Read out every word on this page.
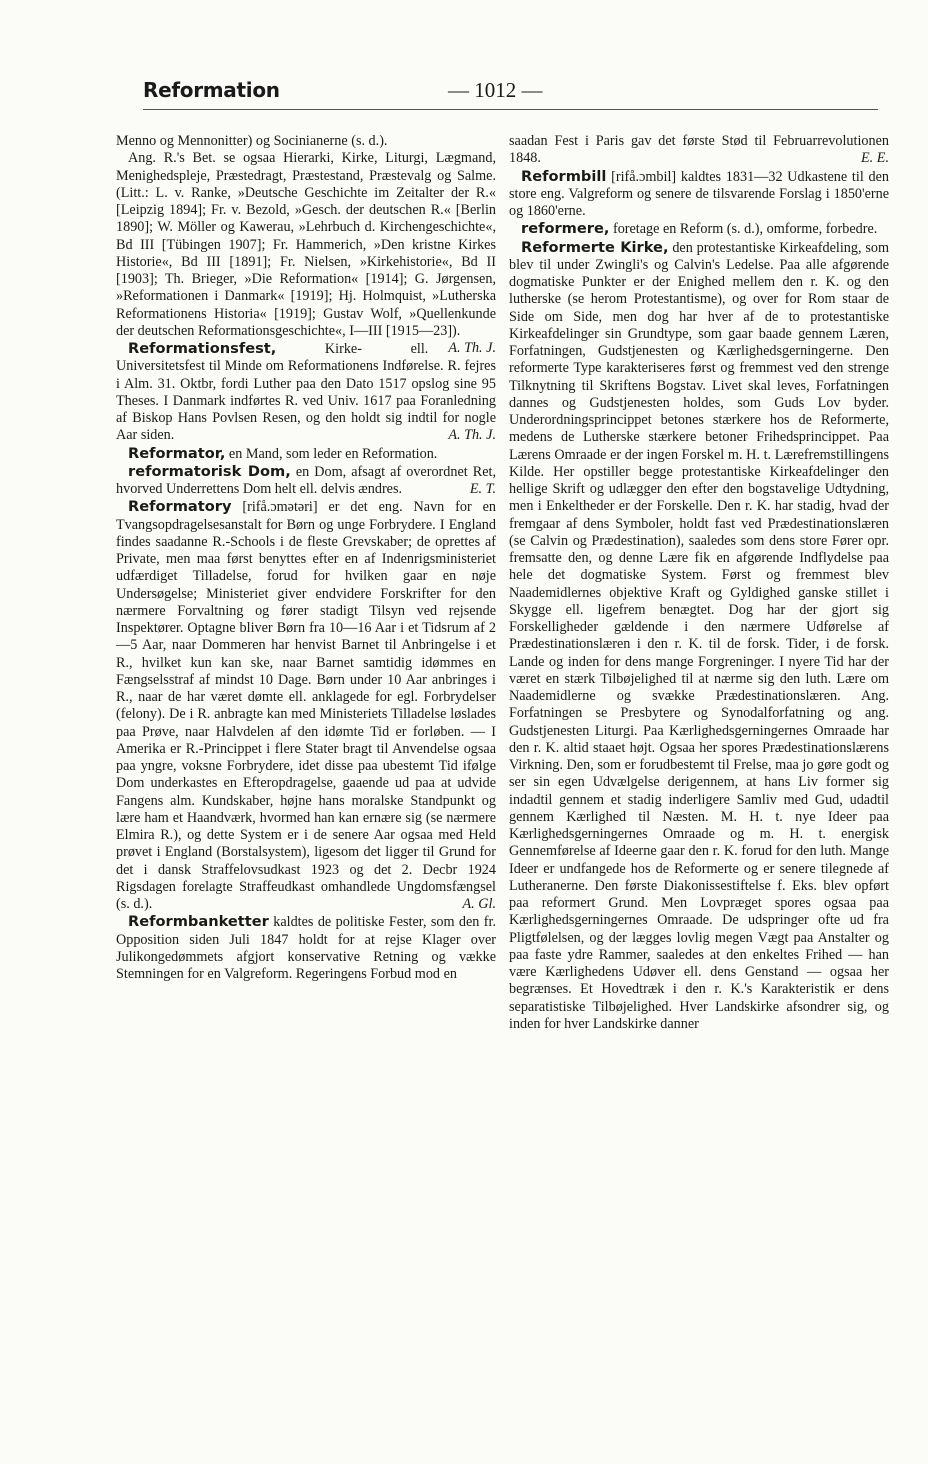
Reformation	— 1012 —

Menno og Mennonitter) og Socinianerne (s. d.).

Ang. R.'s Bet. se ogsaa Hierarki, Kirke, Liturgi, Lægmand, Menighedspleje, Præstedragt, Præstestand, Præstevalg og Salme. (Litt.: L. v. Ranke, »Deutsche Geschichte im Zeitalter der R.« [Leipzig 1894]; Fr. v. Bezold, »Gesch. der deutschen R.« [Berlin 1890]; W. Möller og Kawerau, »Lehrbuch d. Kirchengeschichte«, Bd III [Tübingen 1907]; Fr. Hammerich, »Den kristne Kirkes Historie«, Bd III [1891]; Fr. Nielsen, »Kirkehistorie«, Bd II [1903]; Th. Brieger, »Die Reformation« [1914]; G. Jørgensen, »Reformationen i Danmark« [1919]; Hj. Holmquist, »Lutherska Reformationens Historia« [1919]; Gustav Wolf, »Quellenkunde der deutschen Reformationsgeschichte«, I—III [1915—23]).
A. Th. J.

Reformationsfest,	Kirke- ell. Universitetsfest til Minde om Reformationens Indførelse. R. fejres i Alm. 31. Oktbr, fordi Luther paa den Dato 1517 opslog sine 95 Theses. I Danmark indførtes R. ved Univ. 1617 paa Foranledning af Biskop Hans Povlsen Resen, og den holdt sig indtil for nogle Aar siden.	A. Th. J.

Reformator, en Mand, som leder en Reformation.

reformatorisk Dom, en Dom, afsagt af overordnet Ret, hvorved Underrettens Dom helt ell. delvis ændres.	E. T.

Reformatory [rifå.ɔmətəri] er det eng. Navn for en Tvangsopdragelsesanstalt for Børn og unge Forbrydere. I England findes saadanne R.-Schools i de fleste Grevskaber; de oprettes af Private, men maa først benyttes efter en af Indenrigsministeriet udfærdiget Tilladelse, forud for hvilken gaar en nøje Undersøgelse; Ministeriet giver endvidere Forskrifter for den nærmere Forvaltning og fører stadigt Tilsyn ved rejsende Inspektører. Optagne bliver Børn fra 10—16 Aar i et Tidsrum af 2—5 Aar, naar Dommeren har henvist Barnet til Anbringelse i et R., hvilket kun kan ske, naar Barnet samtidig idømmes en Fængselsstraf af mindst 10 Dage. Børn under 10 Aar anbringes i R., naar de har været dømte ell. anklagede for egl. Forbrydelser (felony). De i R. anbragte kan med Ministeriets Tilladelse løslades paa Prøve, naar Halvdelen af den idømte Tid er forløben. — I Amerika er R.-Princippet i flere Stater bragt til Anvendelse ogsaa paa yngre, voksne Forbrydere, idet disse paa ubestemt Tid ifølge Dom underkastes en Efteropdragelse, gaaende ud paa at udvide Fangens alm. Kundskaber, højne hans moralske Standpunkt og lære ham et Haandværk, hvormed han kan ernære sig (se nærmere Elmira R.), og dette System er i de senere Aar ogsaa med Held prøvet i England (Borstalsystem), ligesom det ligger til Grund for det i dansk Straffelovsudkast 1923 og det 2. Decbr 1924 Rigsdagen forelagte Straffeudkast omhandlede Ungdomsfængsel (s. d.).	A. Gl.

Reformbanketter kaldtes de politiske Fester, som den fr. Opposition siden Juli 1847 holdt for at rejse Klager over Julikongedømmets afgjort konservative Retning og vække Stemningen for en Valgreform. Regeringens Forbud mod en

saadan Fest i Paris gav det første Stød til Februarrevolutionen 1848.	E. E.

Reformbill [rifå.ɔmbil] kaldtes 1831—32 Udkastene til den store eng. Valgreform og senere de tilsvarende Forslag i 1850'erne og 1860'erne.

reformere, foretage en Reform (s. d.), omforme, forbedre.

Reformerte Kirke, den protestantiske Kirkeafdeling, som blev til under Zwingli's og Calvin's Ledelse. Paa alle afgørende dogmatiske Punkter er der Enighed mellem den r. K. og den lutherske (se herom Protestantisme), og over for Rom staar de Side om Side, men dog har hver af de to protestantiske Kirkeafdelinger sin Grundtype, som gaar baade gennem Læren, Forfatningen, Gudstjenesten og Kærlighedsgerningerne. Den reformerte Type karakteriseres først og fremmest ved den strenge Tilknytning til Skriftens Bogstav. Livet skal leves, Forfatningen dannes og Gudstjenesten holdes, som Guds Lov byder. Underordningsprincippet betones stærkere hos de Reformerte, medens de Lutherske stærkere betoner Frihedsprincippet. Paa Lærens Omraade er der ingen Forskel m. H. t. Lærefremstillingens Kilde. Her opstiller begge protestantiske Kirkeafdelinger den hellige Skrift og udlægger den efter den bogstavelige Udtydning, men i Enkeltheder er der Forskelle. Den r. K. har stadig, hvad der fremgaar af dens Symboler, holdt fast ved Prædestinationslæren (se Calvin og Prædestination), saaledes som dens store Fører opr. fremsatte den, og denne Lære fik en afgørende Indflydelse paa hele det dogmatiske System. Først og fremmest blev Naademidlernes objektive Kraft og Gyldighed ganske stillet i Skygge ell. ligefrem benægtet. Dog har der gjort sig Forskelligheder gældende i den nærmere Udførelse af Prædestinationslæren i den r. K. til de forsk. Tider, i de forsk. Lande og inden for dens mange Forgreninger. I nyere Tid har der været en stærk Tilbøjelighed til at nærme sig den luth. Lære om Naademidlerne og svække Prædestinationslæren. Ang. Forfatningen se Presbytere og Synodalforfatning og ang. Gudstjenesten Liturgi. Paa Kærlighedsgerningernes Omraade har den r. K. altid staaet højt. Ogsaa her spores Prædestinationslærens Virkning. Den, som er forudbestemt til Frelse, maa jo gøre godt og ser sin egen Udvælgelse derigennem, at hans Liv former sig indadtil gennem et stadig inderligere Samliv med Gud, udadtil gennem Kærlighed til Næsten. M. H. t. nye Ideer paa Kærlighedsgerningernes Omraade og m. H. t. energisk Gennemførelse af Ideerne gaar den r. K. forud for den luth. Mange Ideer er undfangede hos de Reformerte og er senere tilegnede af Lutheranerne. Den første Diakonissestiftelse f. Eks. blev opført paa reformert Grund. Men Lovpræget spores ogsaa paa Kærlighedsgerningernes Omraade. De udspringer ofte ud fra Pligtfølelsen, og der lægges lovlig megen Vægt paa Anstalter og paa faste ydre Rammer, saaledes at den enkeltes Frihed — han være Kærlighedens Udøver ell. dens Genstand — ogsaa her begrænses. Et Hovedtræk i den r. K.'s Karakteristik er dens separatistiske Tilbøjelighed. Hver Landskirke afsondrer sig, og inden for hver Landskirke danner
